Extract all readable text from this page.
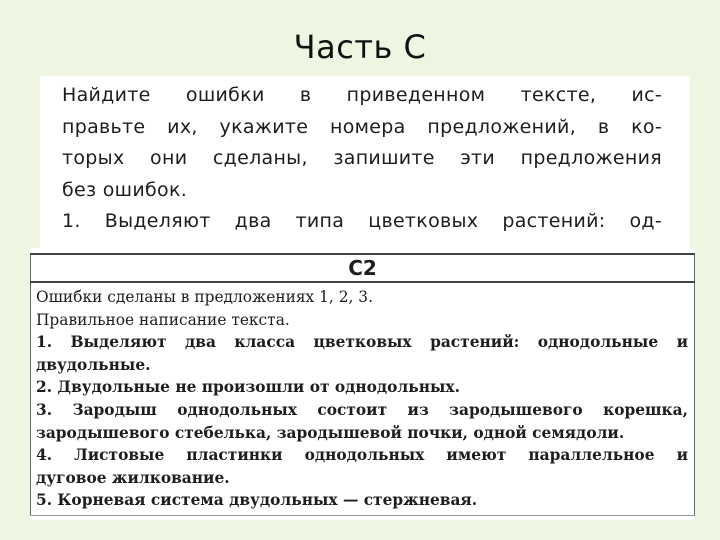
Часть С
Найдите ошибки в приведенном тексте, ис-
правьте их, укажите номера предложений, в ко-
торых они сделаны, запишите эти предложения
без ошибок.
1. Выделяют два типа цветковых растений: од-
С2
Ошибки сделаны в предложениях 1, 2, 3.
Правильное написание текста.
1. Выделяют два класса цветковых растений: однодольные и
двудольные.
2. Двудольные не произошли от однодольных.
3. Зародыш однодольных состоит из зародышевого корешка,
зародышевого стебелька, зародышевой почки, одной семядоли.
4. Листовые пластинки однодольных имеют параллельное и
дуговое жилкование.
5. Корневая система двудольных — стержневая.
